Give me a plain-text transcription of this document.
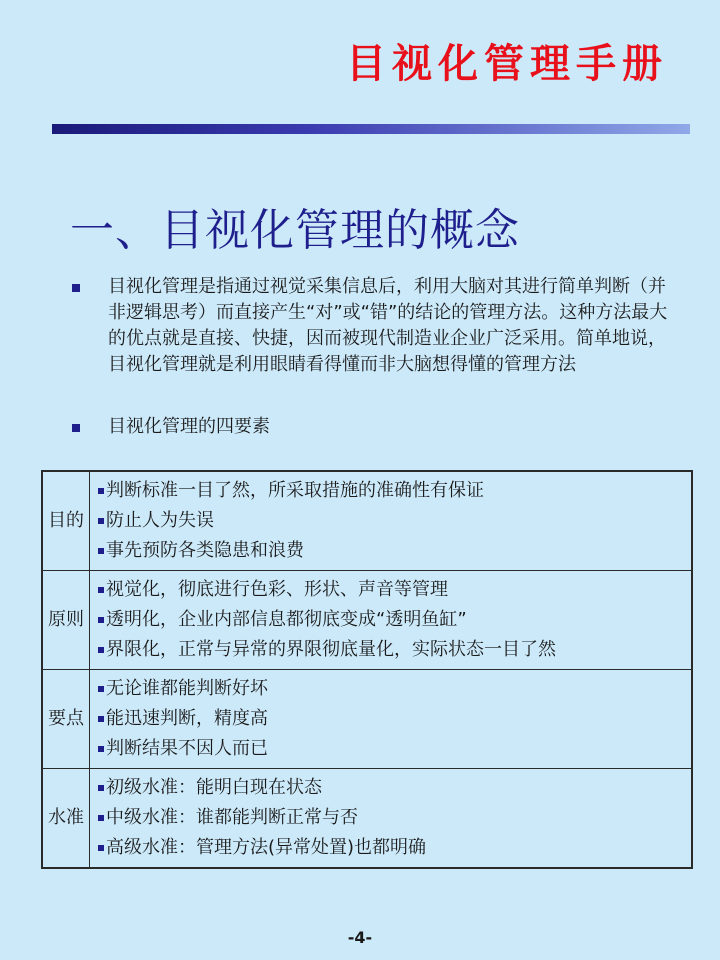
目视化管理手册
一、目视化管理的概念
目视化管理是指通过视觉采集信息后，利用大脑对其进行简单判断（并非逻辑思考）而直接产生“对”或“错”的结论的管理方法。这种方法最大的优点就是直接、快捷，因而被现代制造业企业广泛采用。简单地说，目视化管理就是利用眼睛看得懂而非大脑想得懂的管理方法
目视化管理的四要素
目的	判断标准一目了然，所采取措施的准确性有保证
防止人为失误
事先预防各类隐患和浪费

原则	视觉化，彻底进行色彩、形状、声音等管理
透明化，企业内部信息都彻底变成“透明鱼缸”
界限化，正常与异常的界限彻底量化，实际状态一目了然

要点	无论谁都能判断好坏
能迅速判断，精度高
判断结果不因人而已

水准	初级水准：能明白现在状态
中级水准：谁都能判断正常与否
高级水准：管理方法(异常处置)也都明确
-4-
